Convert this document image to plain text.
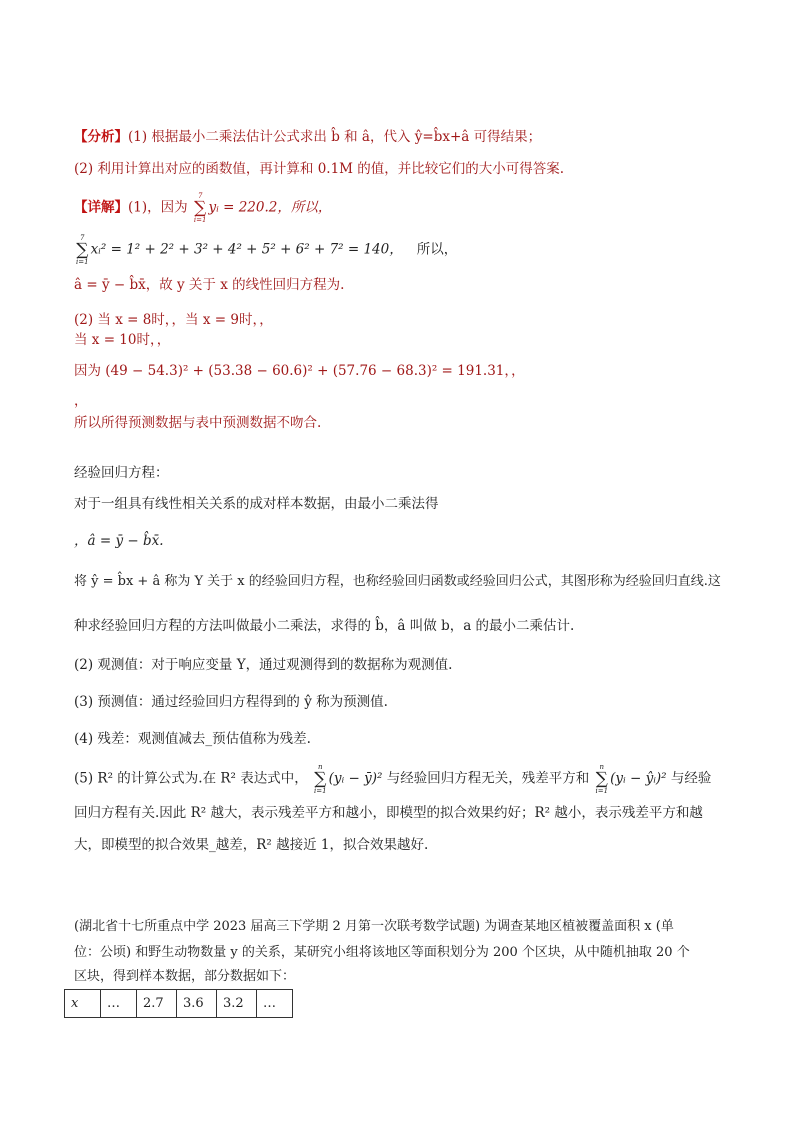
【分析】(1) 根据最小二乘法估计公式求出 b̂ 和 â，代入 ŷ=b̂x+â 可得结果；
(2) 利用计算出对应的函数值，再计算和 0.1M 的值，并比较它们的大小可得答案.
【详解】(1)，因为
7
∑
i=1
yᵢ = 220.2，所以，
7
∑
i=1
xᵢ² = 1² + 2² + 3² + 4² + 5² + 6² + 7² = 140， 所以，
â = ȳ − b̂x̄，故 y 关于 x 的线性回归方程为.
(2) 当 x = 8时，，当 x = 9时，，
当 x = 10时，，
因为 (49 − 54.3)² + (53.38 − 60.6)² + (57.76 − 68.3)² = 191.31，，
，
所以所得预测数据与表中预测数据不吻合.
经验回归方程：
对于一组具有线性相关关系的成对样本数据，由最小二乘法得
，â = ȳ − b̂x̄.
将 ŷ = b̂x + â 称为 Y 关于 x 的经验回归方程，也称经验回归函数或经验回归公式，其图形称为经验回归直线.这
种求经验回归方程的方法叫做最小二乘法，求得的 b̂，â 叫做 b，a 的最小二乘估计.
(2) 观测值：对于响应变量 Y，通过观测得到的数据称为观测值.
(3) 预测值：通过经验回归方程得到的 ŷ 称为预测值.
(4) 残差：观测值减去_预估值称为残差.
(5) R² 的计算公式为.在 R² 表达式中，
n
∑
i=1
(yᵢ − ȳ)² 与经验回归方程无关，残差平方和
n
∑
i=1
(yᵢ − ŷᵢ)² 与经验
回归方程有关.因此 R² 越大，表示残差平方和越小，即模型的拟合效果约好；R² 越小，表示残差平方和越
大，即模型的拟合效果_越差，R² 越接近 1，拟合效果越好.
(湖北省十七所重点中学 2023 届高三下学期 2 月第一次联考数学试题) 为调查某地区植被覆盖面积 x (单
位：公顷) 和野生动物数量 y 的关系，某研究小组将该地区等面积划分为 200 个区块，从中随机抽取 20 个
区块，得到样本数据，部分数据如下：
x	…	2.7	3.6	3.2	…
